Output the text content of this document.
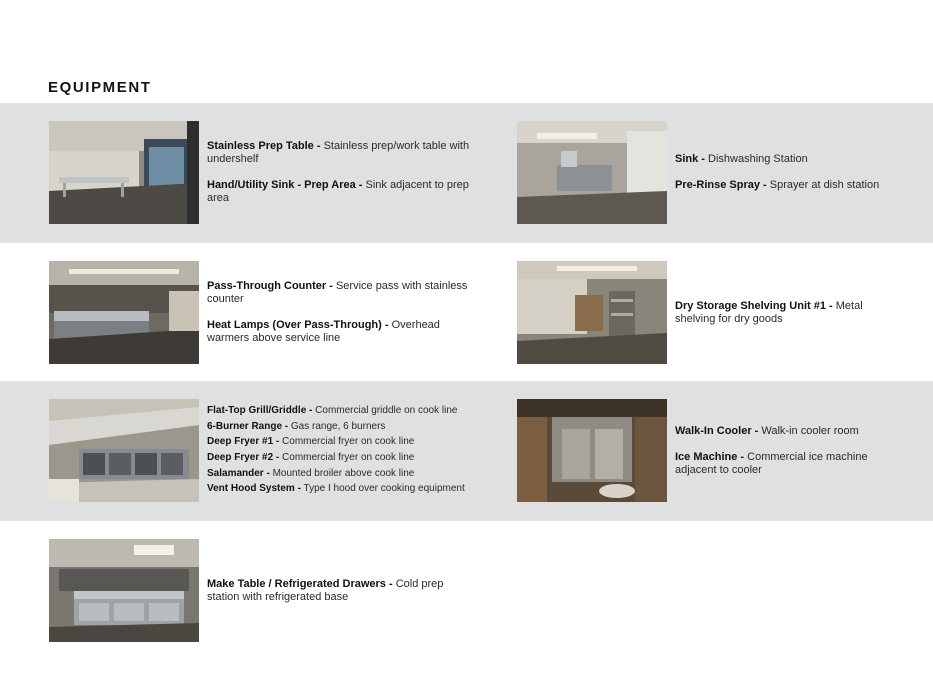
EQUIPMENT

Stainless Prep Table - Stainless prep/work table with undershelf

Hand/Utility Sink - Prep Area - Sink adjacent to prep area

Sink - Dishwashing Station

Pre-Rinse Spray - Sprayer at dish station

Pass-Through Counter - Service pass with stainless counter

Heat Lamps (Over Pass-Through) - Overhead warmers above service line

Dry Storage Shelving Unit #1 - Metal shelving for dry goods

Flat-Top Grill/Griddle - Commercial griddle on cook line

6-Burner Range - Gas range, 6 burners

Deep Fryer #1 - Commercial fryer on cook line

Deep Fryer #2 - Commercial fryer on cook line

Salamander - Mounted broiler above cook line

Vent Hood System - Type I hood over cooking equipment

Walk-In Cooler - Walk-in cooler room

Ice Machine - Commercial ice machine adjacent to cooler

Make Table / Refrigerated Drawers - Cold prep station with refrigerated base
